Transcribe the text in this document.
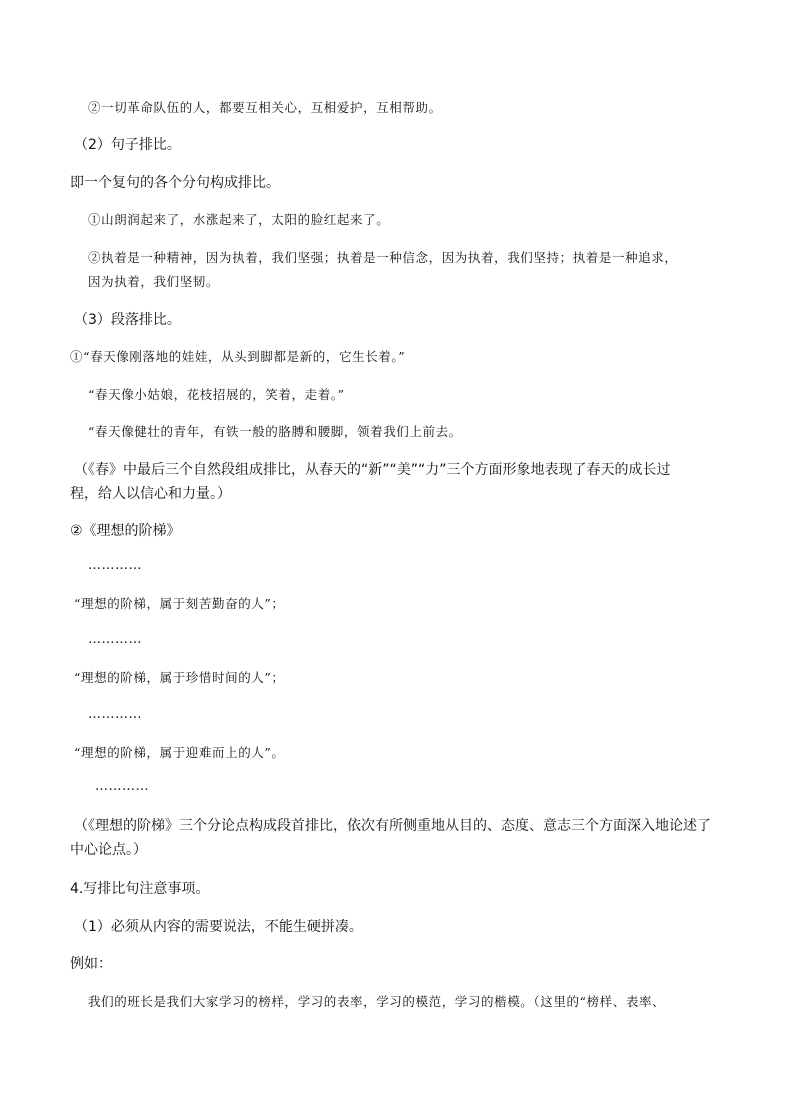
②一切革命队伍的人，都要互相关心，互相爱护，互相帮助。
（2）句子排比。
即一个复句的各个分句构成排比。
①山朗润起来了，水涨起来了，太阳的脸红起来了。
②执着是一种精神，因为执着，我们坚强；执着是一种信念，因为执着，我们坚持；执着是一种追求，
因为执着，我们坚韧。
（3）段落排比。
①“春天像刚落地的娃娃，从头到脚都是新的，它生长着。”
“春天像小姑娘，花枝招展的，笑着，走着。”
“春天像健壮的青年，有铁一般的胳膊和腰脚，领着我们上前去。
（《春》中最后三个自然段组成排比，从春天的“新”“美”“力”三个方面形象地表现了春天的成长过
程，给人以信心和力量。）
②《理想的阶梯》
…………
“理想的阶梯，属于刻苦勤奋的人”；
…………
“理想的阶梯，属于珍惜时间的人”；
…………
“理想的阶梯，属于迎难而上的人”。
…………
（《理想的阶梯》三个分论点构成段首排比，依次有所侧重地从目的、态度、意志三个方面深入地论述了
中心论点。）
4.写排比句注意事项。
（1）必须从内容的需要说法，不能生硬拼凑。
例如：
我们的班长是我们大家学习的榜样，学习的表率，学习的模范，学习的楷模。（这里的“榜样、表率、
